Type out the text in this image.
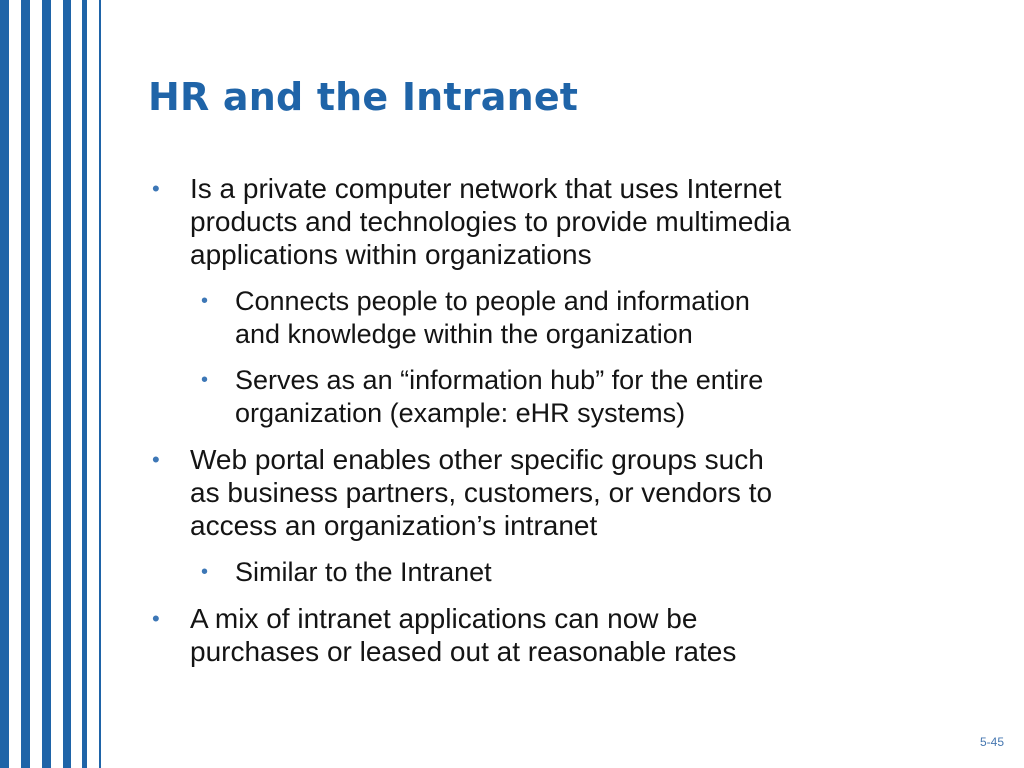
HR and the Intranet
• Is a private computer network that uses Internet
products and technologies to provide multimedia
applications within organizations
• Connects people to people and information
and knowledge within the organization
• Serves as an “information hub” for the entire
organization (example: eHR systems)
• Web portal enables other specific groups such
as business partners, customers, or vendors to
access an organization’s intranet
• Similar to the Intranet
• A mix of intranet applications can now be
purchases or leased out at reasonable rates
5-45
